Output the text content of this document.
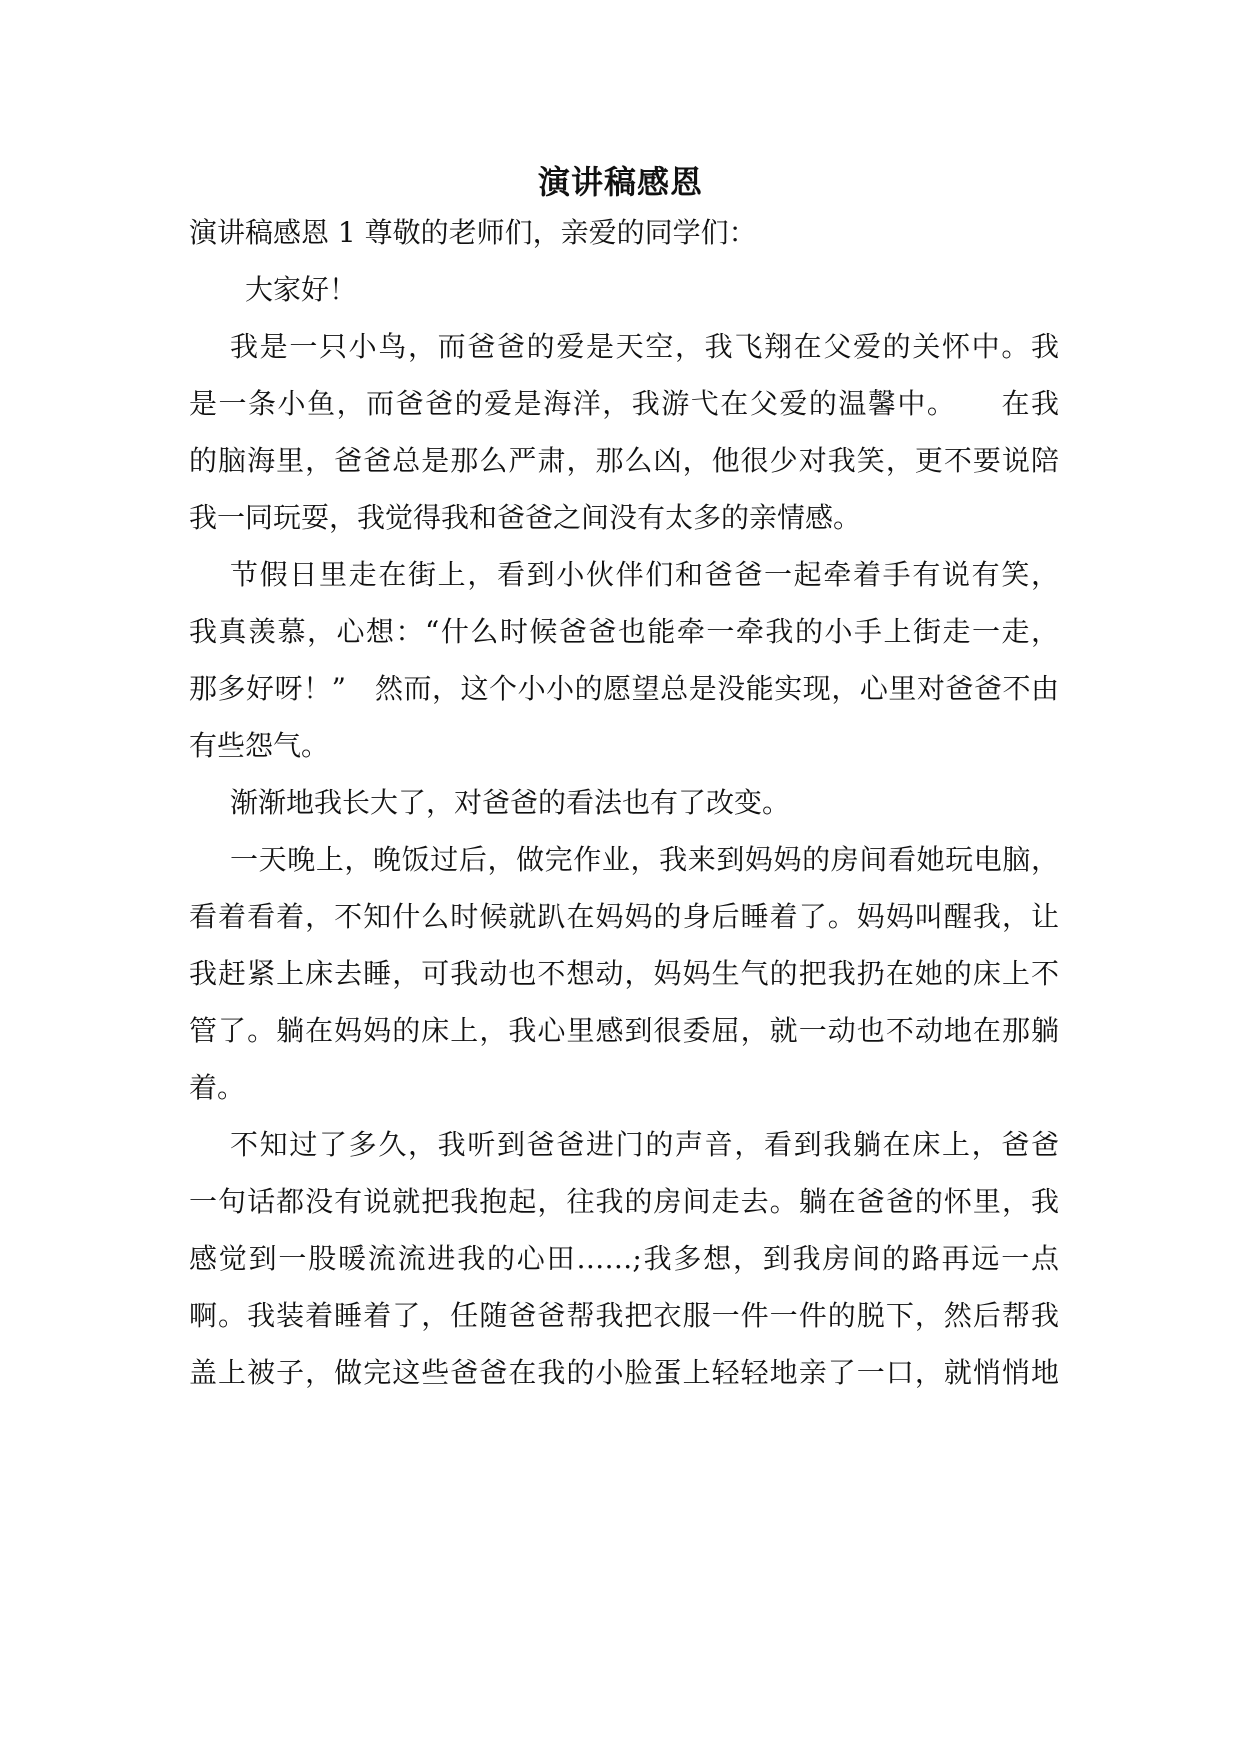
演讲稿感恩
演讲稿感恩 1 尊敬的老师们，亲爱的同学们：
大家好！
我是一只小鸟，而爸爸的爱是天空，我飞翔在父爱的关怀中。我
是一条小鱼，而爸爸的爱是海洋，我游弋在父爱的温馨中。　　在我
的脑海里，爸爸总是那么严肃，那么凶，他很少对我笑，更不要说陪
我一同玩耍，我觉得我和爸爸之间没有太多的亲情感。
节假日里走在街上，看到小伙伴们和爸爸一起牵着手有说有笑，
我真羡慕，心想：“什么时候爸爸也能牵一牵我的小手上街走一走，
那多好呀！”　然而，这个小小的愿望总是没能实现，心里对爸爸不由
有些怨气。
渐渐地我长大了，对爸爸的看法也有了改变。
一天晚上，晚饭过后，做完作业，我来到妈妈的房间看她玩电脑，
看着看着，不知什么时候就趴在妈妈的身后睡着了。妈妈叫醒我，让
我赶紧上床去睡，可我动也不想动，妈妈生气的把我扔在她的床上不
管了。躺在妈妈的床上，我心里感到很委屈，就一动也不动地在那躺
着。
不知过了多久，我听到爸爸进门的声音，看到我躺在床上，爸爸
一句话都没有说就把我抱起，往我的房间走去。躺在爸爸的怀里，我
感觉到一股暖流流进我的心田……;我多想，到我房间的路再远一点
啊。我装着睡着了，任随爸爸帮我把衣服一件一件的脱下，然后帮我
盖上被子，做完这些爸爸在我的小脸蛋上轻轻地亲了一口，就悄悄地
